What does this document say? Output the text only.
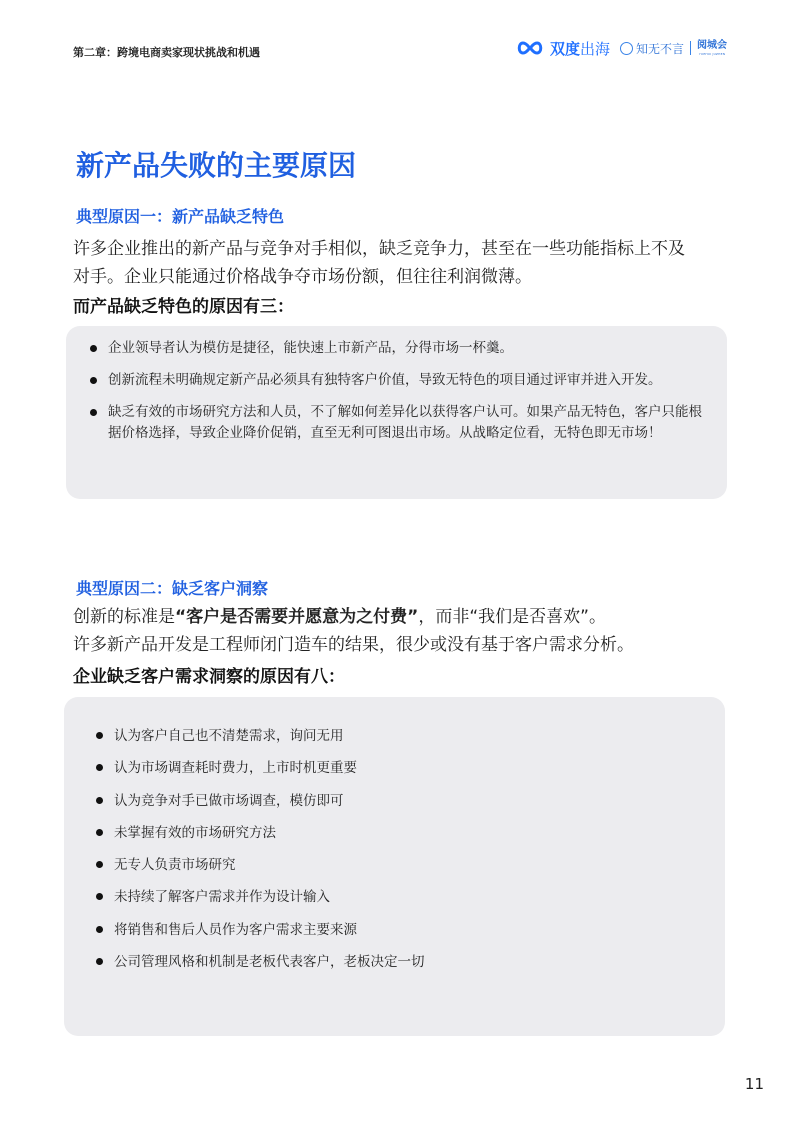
第二章：跨境电商卖家现状挑战和机遇	双度出海 知无不言 阅城会
YUEHUI JUZHEN
新产品失败的主要原因
典型原因一：新产品缺乏特色
许多企业推出的新产品与竞争对手相似，缺乏竞争力，甚至在一些功能指标上不及
对手。企业只能通过价格战争夺市场份额，但往往利润微薄。
而产品缺乏特色的原因有三：
企业领导者认为模仿是捷径，能快速上市新产品，分得市场一杯羹。
创新流程未明确规定新产品必须具有独特客户价值，导致无特色的项目通过评审并进入开发。
缺乏有效的市场研究方法和人员，不了解如何差异化以获得客户认可。如果产品无特色，客户只能根据价格选择，导致企业降价促销，直至无利可图退出市场。从战略定位看，无特色即无市场！
典型原因二：缺乏客户洞察
创新的标准是“客户是否需要并愿意为之付费”，而非“我们是否喜欢”。
许多新产品开发是工程师闭门造车的结果，很少或没有基于客户需求分析。
企业缺乏客户需求洞察的原因有八：
认为客户自己也不清楚需求，询问无用
认为市场调查耗时费力，上市时机更重要
认为竞争对手已做市场调查，模仿即可
未掌握有效的市场研究方法
无专人负责市场研究
未持续了解客户需求并作为设计输入
将销售和售后人员作为客户需求主要来源
公司管理风格和机制是老板代表客户，老板决定一切
11
